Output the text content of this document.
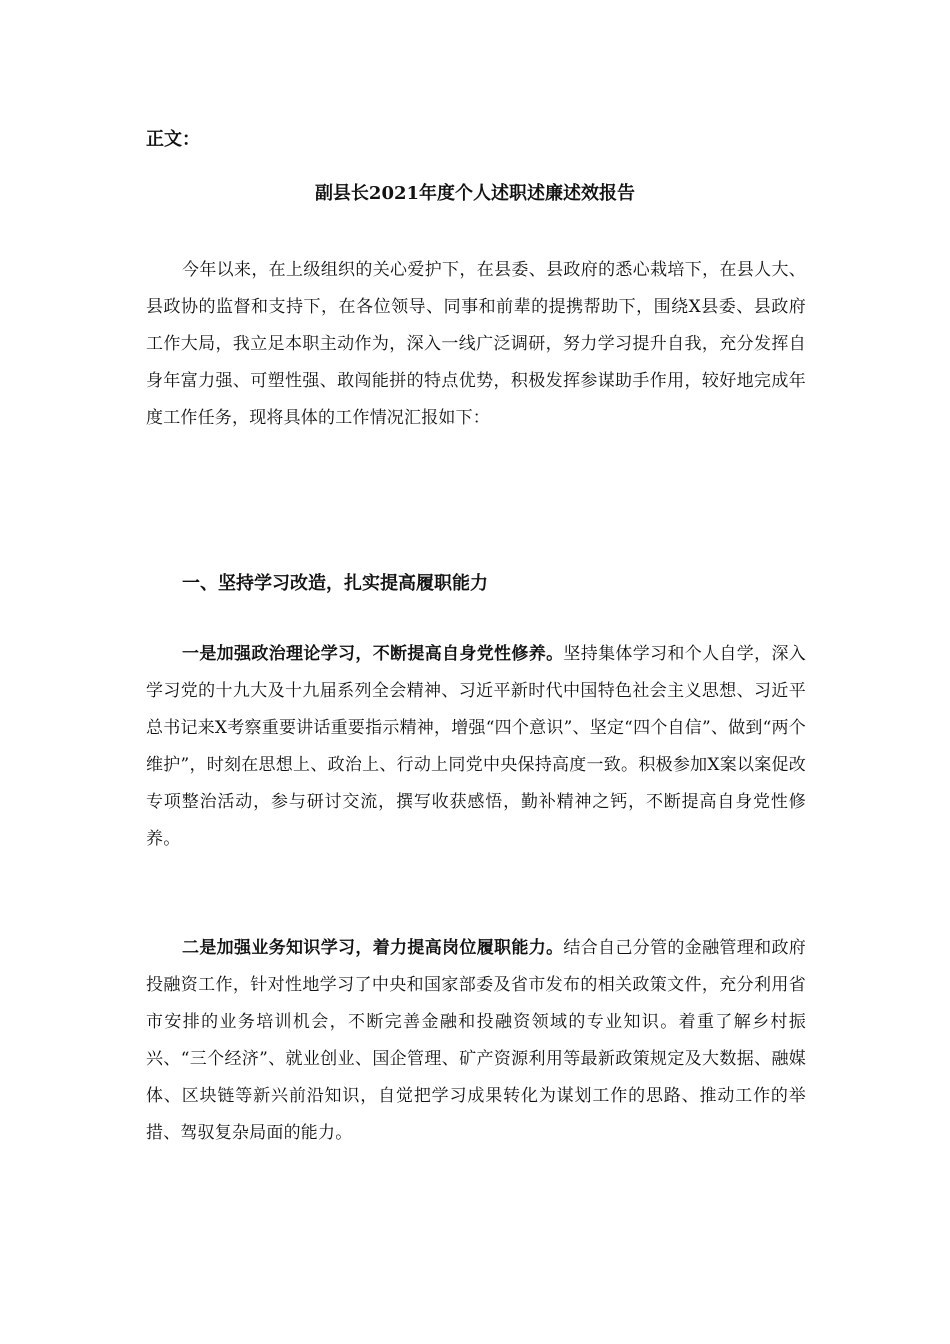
正文：
副县长2021年度个人述职述廉述效报告

今年以来，在上级组织的关心爱护下，在县委、县政府的悉心栽培下，在县人大、县政协的监督和支持下，在各位领导、同事和前辈的提携帮助下，围绕X县委、县政府工作大局，我立足本职主动作为，深入一线广泛调研，努力学习提升自我，充分发挥自身年富力强、可塑性强、敢闯能拼的特点优势，积极发挥参谋助手作用，较好地完成年度工作任务，现将具体的工作情况汇报如下：

一、坚持学习改造，扎实提高履职能力

一是加强政治理论学习，不断提高自身党性修养。坚持集体学习和个人自学，深入学习党的十九大及十九届系列全会精神、习近平新时代中国特色社会主义思想、习近平总书记来X考察重要讲话重要指示精神，增强“四个意识”、坚定“四个自信”、做到“两个维护”，时刻在思想上、政治上、行动上同党中央保持高度一致。积极参加X案以案促改专项整治活动，参与研讨交流，撰写收获感悟，勤补精神之钙，不断提高自身党性修养。

二是加强业务知识学习，着力提高岗位履职能力。结合自己分管的金融管理和政府投融资工作，针对性地学习了中央和国家部委及省市发布的相关政策文件，充分利用省市安排的业务培训机会，不断完善金融和投融资领域的专业知识。着重了解乡村振兴、“三个经济”、就业创业、国企管理、矿产资源利用等最新政策规定及大数据、融媒体、区块链等新兴前沿知识，自觉把学习成果转化为谋划工作的思路、推动工作的举措、驾驭复杂局面的能力。
